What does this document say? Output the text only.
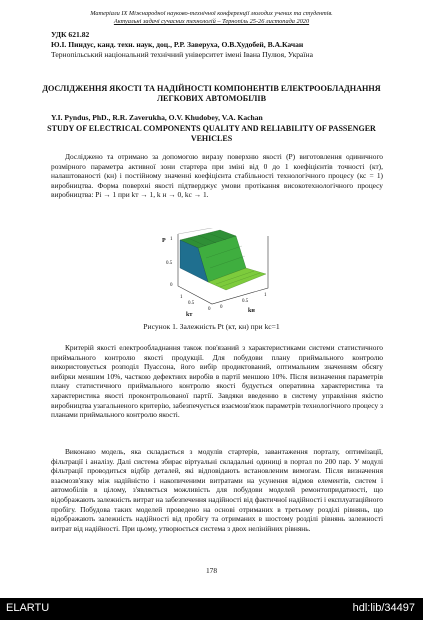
Матеріали IX Міжнародної науково-технічної конференції молодих учених та студентів.
Актуальні задачі сучасних технологій – Тернопіль 25-26 листопада 2020
УДК 621.82
Ю.І. Пиндус, канд. техн. наук, доц., Р.Р. Заверуха, О.В.Худобей, В.А.Качан
Тернопільський національний технічний університет імені Івана Пулюя, Україна
ДОСЛІДЖЕННЯ ЯКОСТІ ТА НАДІЙНОСТІ КОМПОНЕНТІВ ЕЛЕКТРООБЛАДНАННЯ ЛЕГКОВИХ АВТОМОБІЛІВ
Y.I. Pyndus, PhD., R.R. Zaverukha, O.V. Khudobey, V.A. Kachan
STUDY OF ELECTRICAL COMPONENTS QUALITY AND RELIABILITY OF PASSENGER VEHICLES
Досліджено та отримано за допомогою виразу поверхню якості (P) виготовлення одиничного розмірного параметра активної зони стартера при зміні від 0 до 1 коефіцієнтів точності (кт), налаштованості (кн) і постійному значенні коефіцієнта стабільності технологічного процесу (кс = 1) виробництва. Форма поверхні якості підтверджує умови протікання високотехнологічного процесу виробництва: Pi → 1 при kт → 1, k н → 0, kс → 1.
P 1
0.5
0
1
0.5
0
kт
0
0.5
1
kн
Рисунок 1. Залежність Pt (кт, кн) при kc=1
Критерій якості електрообладнання також пов'язаний з характеристиками системи статистичного приймального контролю якості продукції. Для побудови плану приймального контролю використовується розподіл Пуассона, його вибір продиктований, оптимальним значенням обсягу вибірки меншим 10%, часткою дефектних виробів в партії меншою 10%. Після визначення параметрів плану статистичного приймального контролю якості будується оперативна характеристика та характеристика якості проконтрольованої партії. Завдяки введенню в систему управління якістю виробництва узагальненого критерію, забезпечується взаємозв'язок параметрів технологічного процесу з планами приймального контролю якості.
Виконано модель, яка складається з модулів стартерів, завантаження порталу, оптимізації, фільтрації і аналізу. Далі система збирає віртуальні складальні одиниці в портал по 200 пар. У модулі фільтрації проводиться відбір деталей, які відповідають встановленим вимогам. Після визначення взаємозв'язку між надійністю і накопиченими витратами на усунення відмов елементів, систем і автомобілів в цілому, з'являється можливість для побудови моделей ремонтопридатності, що відображають залежність витрат на забезпечення надійності від фактичної надійності і експлуатаційного пробігу. Побудова таких моделей проведено на основі отриманих в третьому розділі рівнянь, що відображають залежність надійності від пробігу та отриманих в шостому розділі рівнянь залежності витрат від надійності. При цьому, утворюється система з двох нелінійних рівнянь.
178
ELARTU	hdl:lib/34497
